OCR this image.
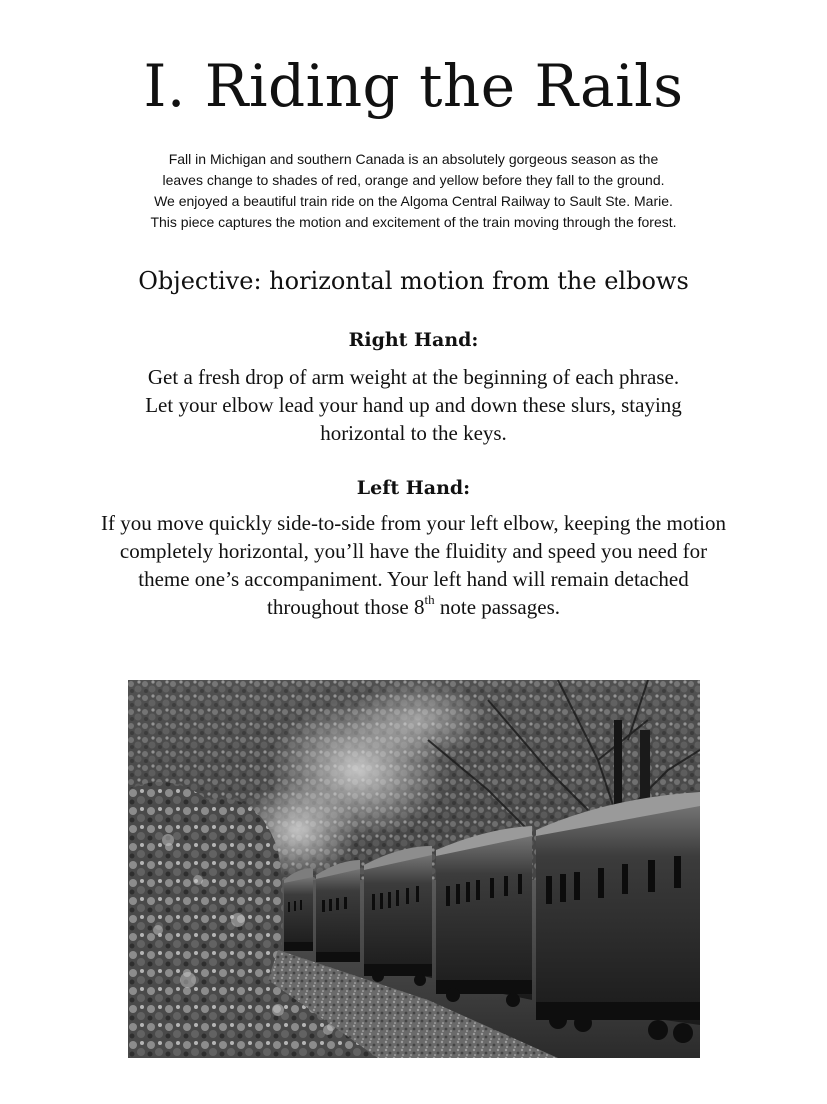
I. Riding the Rails
Fall in Michigan and southern Canada is an absolutely gorgeous season as the
leaves change to shades of red, orange and yellow before they fall to the ground.
We enjoyed a beautiful train ride on the Algoma Central Railway to Sault Ste. Marie.
This piece captures the motion and excitement of the train moving through the forest.
Objective: horizontal motion from the elbows
Right Hand:
Get a fresh drop of arm weight at the beginning of each phrase.
Let your elbow lead your hand up and down these slurs, staying
horizontal to the keys.
Left Hand:
If you move quickly side-to-side from your left elbow, keeping the motion
completely horizontal, you’ll have the fluidity and speed you need for
theme one’s accompaniment. Your left hand will remain detached
throughout those 8th note passages.
